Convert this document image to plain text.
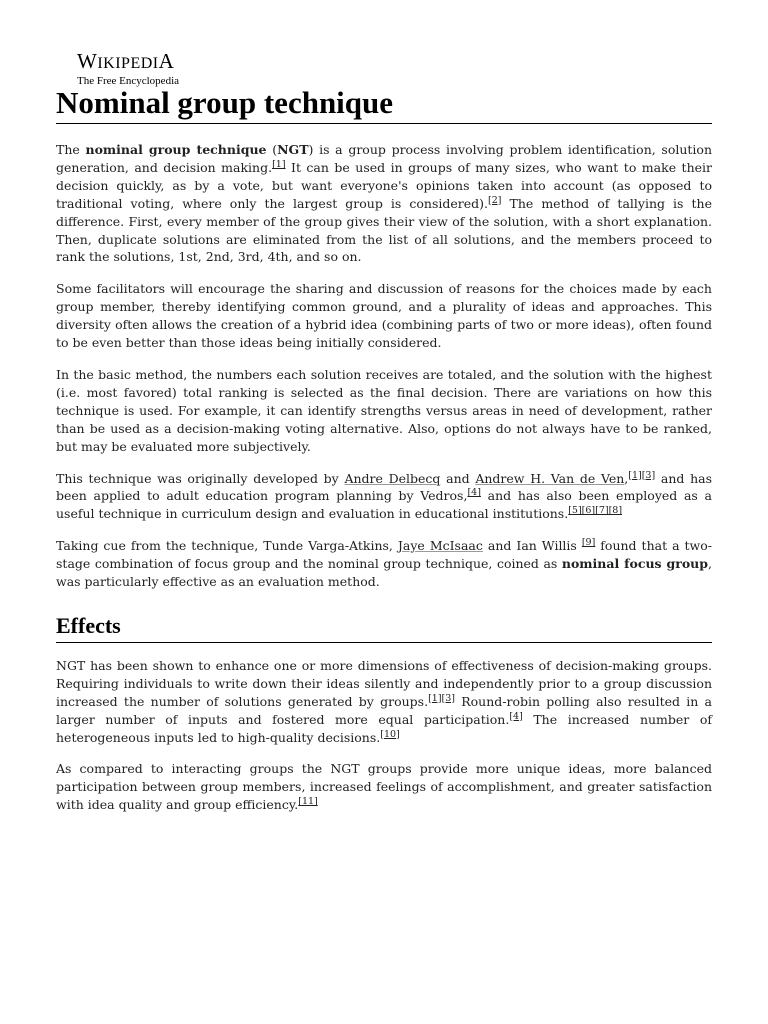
WIKIPEDIA
The Free Encyclopedia
Nominal group technique

The nominal group technique (NGT) is a group process involving problem identification, solution generation, and decision making.[1] It can be used in groups of many sizes, who want to make their decision quickly, as by a vote, but want everyone's opinions taken into account (as opposed to traditional voting, where only the largest group is considered).[2] The method of tallying is the difference. First, every member of the group gives their view of the solution, with a short explanation. Then, duplicate solutions are eliminated from the list of all solutions, and the members proceed to rank the solutions, 1st, 2nd, 3rd, 4th, and so on.

Some facilitators will encourage the sharing and discussion of reasons for the choices made by each group member, thereby identifying common ground, and a plurality of ideas and approaches. This diversity often allows the creation of a hybrid idea (combining parts of two or more ideas), often found to be even better than those ideas being initially considered.

In the basic method, the numbers each solution receives are totaled, and the solution with the highest (i.e. most favored) total ranking is selected as the final decision. There are variations on how this technique is used. For example, it can identify strengths versus areas in need of development, rather than be used as a decision-making voting alternative. Also, options do not always have to be ranked, but may be evaluated more subjectively.

This technique was originally developed by Andre Delbecq and Andrew H. Van de Ven,[1][3] and has been applied to adult education program planning by Vedros,[4] and has also been employed as a useful technique in curriculum design and evaluation in educational institutions.[5][6][7][8]

Taking cue from the technique, Tunde Varga-Atkins, Jaye McIsaac and Ian Willis [9] found that a two-stage combination of focus group and the nominal group technique, coined as nominal focus group, was particularly effective as an evaluation method.

Effects

NGT has been shown to enhance one or more dimensions of effectiveness of decision-making groups. Requiring individuals to write down their ideas silently and independently prior to a group discussion increased the number of solutions generated by groups.[1][3] Round-robin polling also resulted in a larger number of inputs and fostered more equal participation.[4] The increased number of heterogeneous inputs led to high-quality decisions.[10]

As compared to interacting groups the NGT groups provide more unique ideas, more balanced participation between group members, increased feelings of accomplishment, and greater satisfaction with idea quality and group efficiency.[11]
